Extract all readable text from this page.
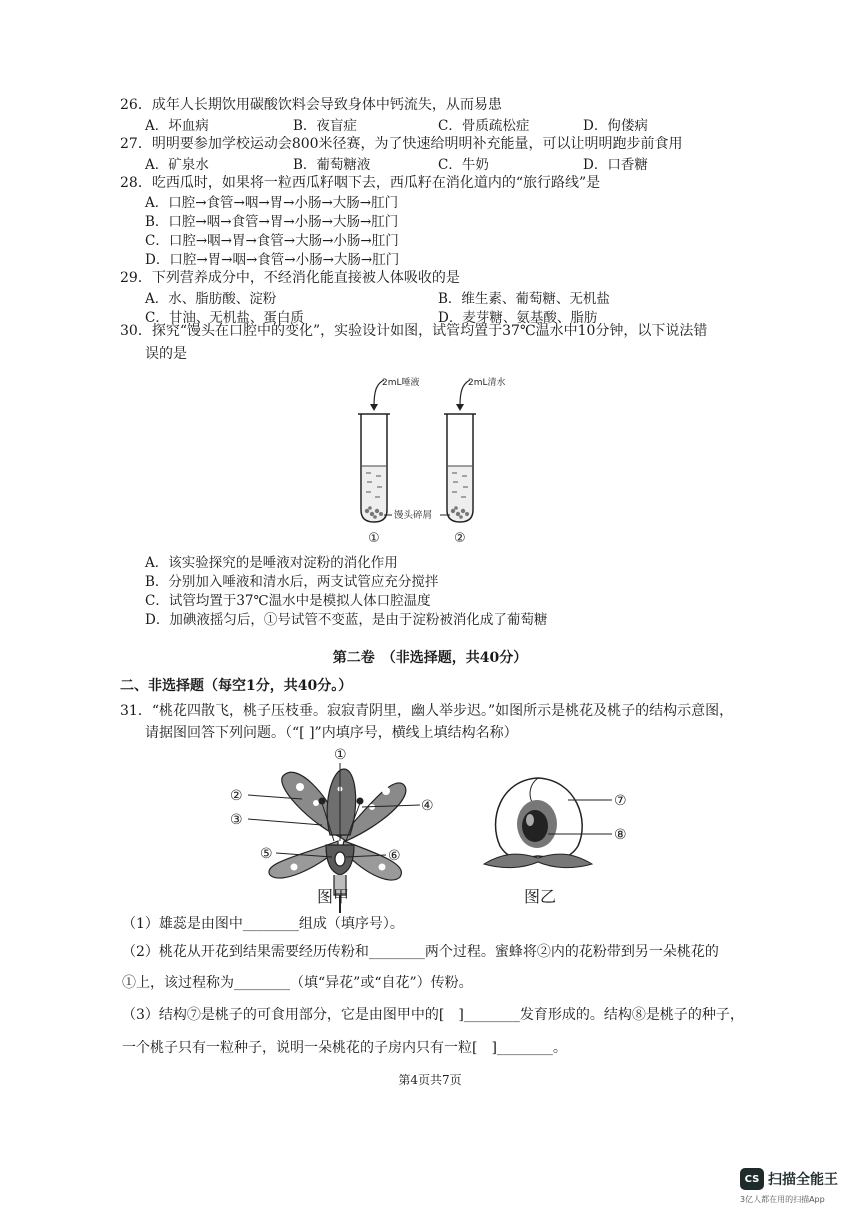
26．成年人长期饮用碳酸饮料会导致身体中钙流失，从而易患
A．坏血病	B．夜盲症	C．骨质疏松症	D．佝偻病
27．明明要参加学校运动会800米径赛，为了快速给明明补充能量，可以让明明跑步前食用
A．矿泉水	B．葡萄糖液	C．牛奶	D．口香糖
28．吃西瓜时，如果将一粒西瓜籽咽下去，西瓜籽在消化道内的“旅行路线”是
A．口腔→食管→咽→胃→小肠→大肠→肛门
B．口腔→咽→食管→胃→小肠→大肠→肛门
C．口腔→咽→胃→食管→大肠→小肠→肛门
D．口腔→胃→咽→食管→小肠→大肠→肛门
29．下列营养成分中，不经消化能直接被人体吸收的是
A．水、脂肪酸、淀粉	B．维生素、葡萄糖、无机盐
C．甘油、无机盐、蛋白质	D．麦芽糖、氨基酸、脂肪
30．探究“馒头在口腔中的变化”，实验设计如图，试管均置于37℃温水中10分钟，以下说法错
误的是
2mL唾液	2mL清水
馒头碎屑
①	②
A．该实验探究的是唾液对淀粉的消化作用
B．分别加入唾液和清水后，两支试管应充分搅拌
C．试管均置于37℃温水中是模拟人体口腔温度
D．加碘液摇匀后，①号试管不变蓝，是由于淀粉被消化成了葡萄糖
第二卷　（非选择题，共40分）
二、非选择题（每空1分，共40分。）
31．“桃花四散飞，桃子压枝垂。寂寂青阴里，幽人举步迟。”如图所示是桃花及桃子的结构示意图，
请据图回答下列问题。（“[ ]”内填序号，横线上填结构名称）
①
②
③
④
⑤	⑥
图甲
⑦
⑧
图乙
（1）雄蕊是由图中________组成（填序号）。
（2）桃花从开花到结果需要经历传粉和________两个过程。蜜蜂将②内的花粉带到另一朵桃花的
①上，该过程称为________（填“异花”或“自花”）传粉。
（3）结构⑦是桃子的可食用部分，它是由图甲中的[　]________发育形成的。结构⑧是桃子的种子，
一个桃子只有一粒种子，说明一朵桃花的子房内只有一粒[　]________。
第4页共7页
CS 扫描全能王
3亿人都在用的扫描App
